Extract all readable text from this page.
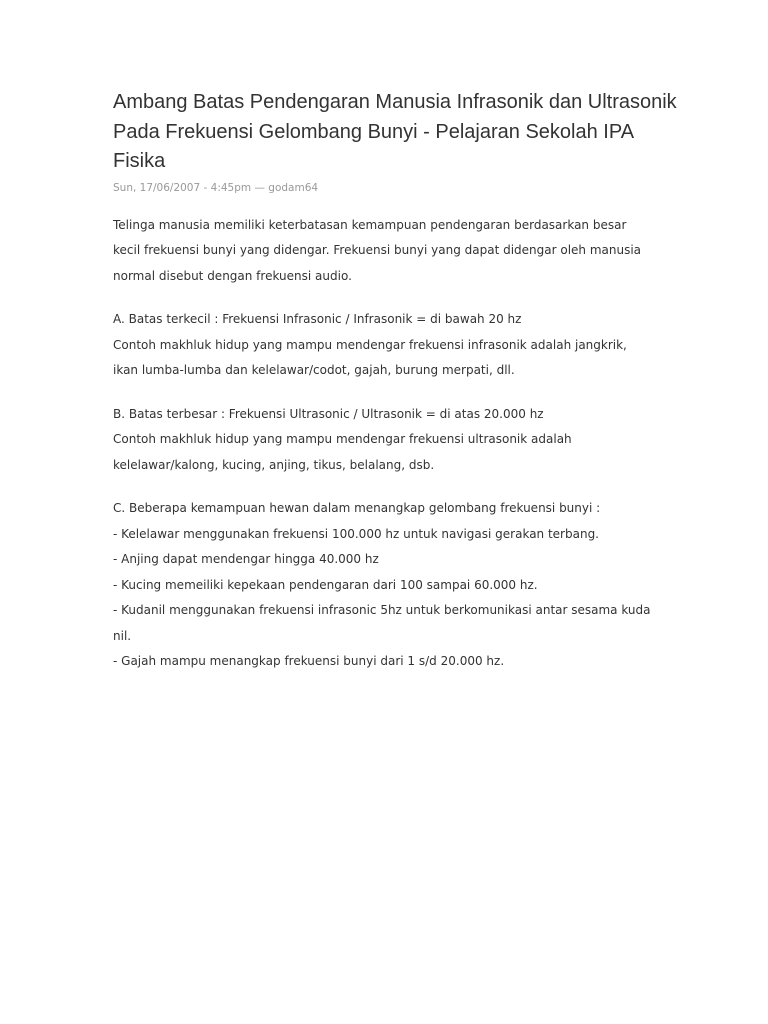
Ambang Batas Pendengaran Manusia Infrasonik dan Ultrasonik
Pada Frekuensi Gelombang Bunyi - Pelajaran Sekolah IPA
Fisika
Sun, 17/06/2007 - 4:45pm — godam64

Telinga manusia memiliki keterbatasan kemampuan pendengaran berdasarkan besar
kecil frekuensi bunyi yang didengar. Frekuensi bunyi yang dapat didengar oleh manusia
normal disebut dengan frekuensi audio.

A. Batas terkecil : Frekuensi Infrasonic / Infrasonik = di bawah 20 hz
Contoh makhluk hidup yang mampu mendengar frekuensi infrasonik adalah jangkrik,
ikan lumba-lumba dan kelelawar/codot, gajah, burung merpati, dll.

B. Batas terbesar : Frekuensi Ultrasonic / Ultrasonik = di atas 20.000 hz
Contoh makhluk hidup yang mampu mendengar frekuensi ultrasonik adalah
kelelawar/kalong, kucing, anjing, tikus, belalang, dsb.

C. Beberapa kemampuan hewan dalam menangkap gelombang frekuensi bunyi :
- Kelelawar menggunakan frekuensi 100.000 hz untuk navigasi gerakan terbang.
- Anjing dapat mendengar hingga 40.000 hz
- Kucing memeiliki kepekaan pendengaran dari 100 sampai 60.000 hz.
- Kudanil menggunakan frekuensi infrasonic 5hz untuk berkomunikasi antar sesama kuda
nil.
- Gajah mampu menangkap frekuensi bunyi dari 1 s/d 20.000 hz.
